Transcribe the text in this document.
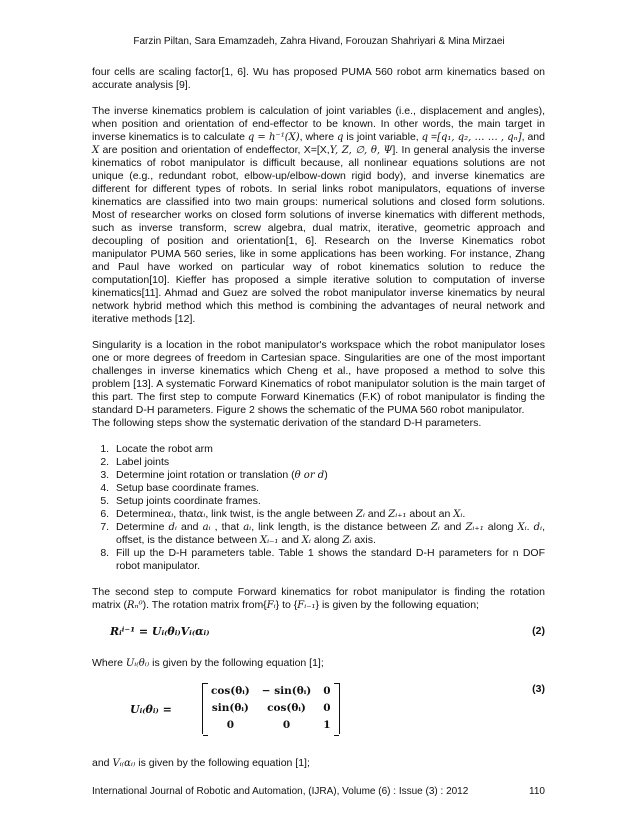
Farzin Piltan, Sara Emamzadeh, Zahra Hivand, Forouzan Shahriyari & Mina Mirzaei

four cells are scaling factor[1, 6]. Wu has proposed PUMA 560 robot arm kinematics based on accurate analysis [9].

The inverse kinematics problem is calculation of joint variables (i.e., displacement and angles), when position and orientation of end-effector to be known. In other words, the main target in inverse kinematics is to calculate q = h⁻¹(X), where q is joint variable, q =[q₁, q₂, … … , qₙ], and X are position and orientation of endeffector, X=[X,Y, Z, ∅, θ, Ψ]. In general analysis the inverse kinematics of robot manipulator is difficult because, all nonlinear equations solutions are not unique (e.g., redundant robot, elbow-up/elbow-down rigid body), and inverse kinematics are different for different types of robots. In serial links robot manipulators, equations of inverse kinematics are classified into two main groups: numerical solutions and closed form solutions. Most of researcher works on closed form solutions of inverse kinematics with different methods, such as inverse transform, screw algebra, dual matrix, iterative, geometric approach and decoupling of position and orientation[1, 6]. Research on the Inverse Kinematics robot manipulator PUMA 560 series, like in some applications has been working. For instance, Zhang and Paul have worked on particular way of robot kinematics solution to reduce the computation[10]. Kieffer has proposed a simple iterative solution to computation of inverse kinematics[11]. Ahmad and Guez are solved the robot manipulator inverse kinematics by neural network hybrid method which this method is combining the advantages of neural network and iterative methods [12].

Singularity is a location in the robot manipulator's workspace which the robot manipulator loses one or more degrees of freedom in Cartesian space. Singularities are one of the most important challenges in inverse kinematics which Cheng et al., have proposed a method to solve this problem [13]. A systematic Forward Kinematics of robot manipulator solution is the main target of this part. The first step to compute Forward Kinematics (F.K) of robot manipulator is finding the standard D-H parameters. Figure 2 shows the schematic of the PUMA 560 robot manipulator.

The following steps show the systematic derivation of the standard D-H parameters.

1. Locate the robot arm
2. Label joints
3. Determine joint rotation or translation (θ or d)
4. Setup base coordinate frames.
5. Setup joints coordinate frames.
6. Determineαᵢ, thatαᵢ, link twist, is the angle between Zᵢ and Zᵢ₊₁ about an Xᵢ.
7. Determine dᵢ and aᵢ , that aᵢ, link length, is the distance between Zᵢ and Zᵢ₊₁ along Xᵢ. dᵢ, offset, is the distance between Xᵢ₋₁ and Xᵢ along Zᵢ axis.
8. Fill up the D-H parameters table. Table 1 shows the standard D-H parameters for n DOF robot manipulator.

The second step to compute Forward kinematics for robot manipulator is finding the rotation matrix (Rₙ⁰). The rotation matrix from{Fᵢ} to {Fᵢ₋₁} is given by the following equation;

Rᵢⁱ⁻¹ = Uᵢ₍θᵢ₎Vᵢ₍αᵢ₎	(2)

Where Uᵢ₍θᵢ₎ is given by the following equation [1];

Uᵢ₍θᵢ₎ =
cos(θᵢ)	− sin(θᵢ)	0
sin(θᵢ)	cos(θᵢ)	0
0	0	1
(3)

and Vᵢ₍αᵢ₎ is given by the following equation [1];

International Journal of Robotic and Automation, (IJRA), Volume (6) : Issue (3) : 2012	110
